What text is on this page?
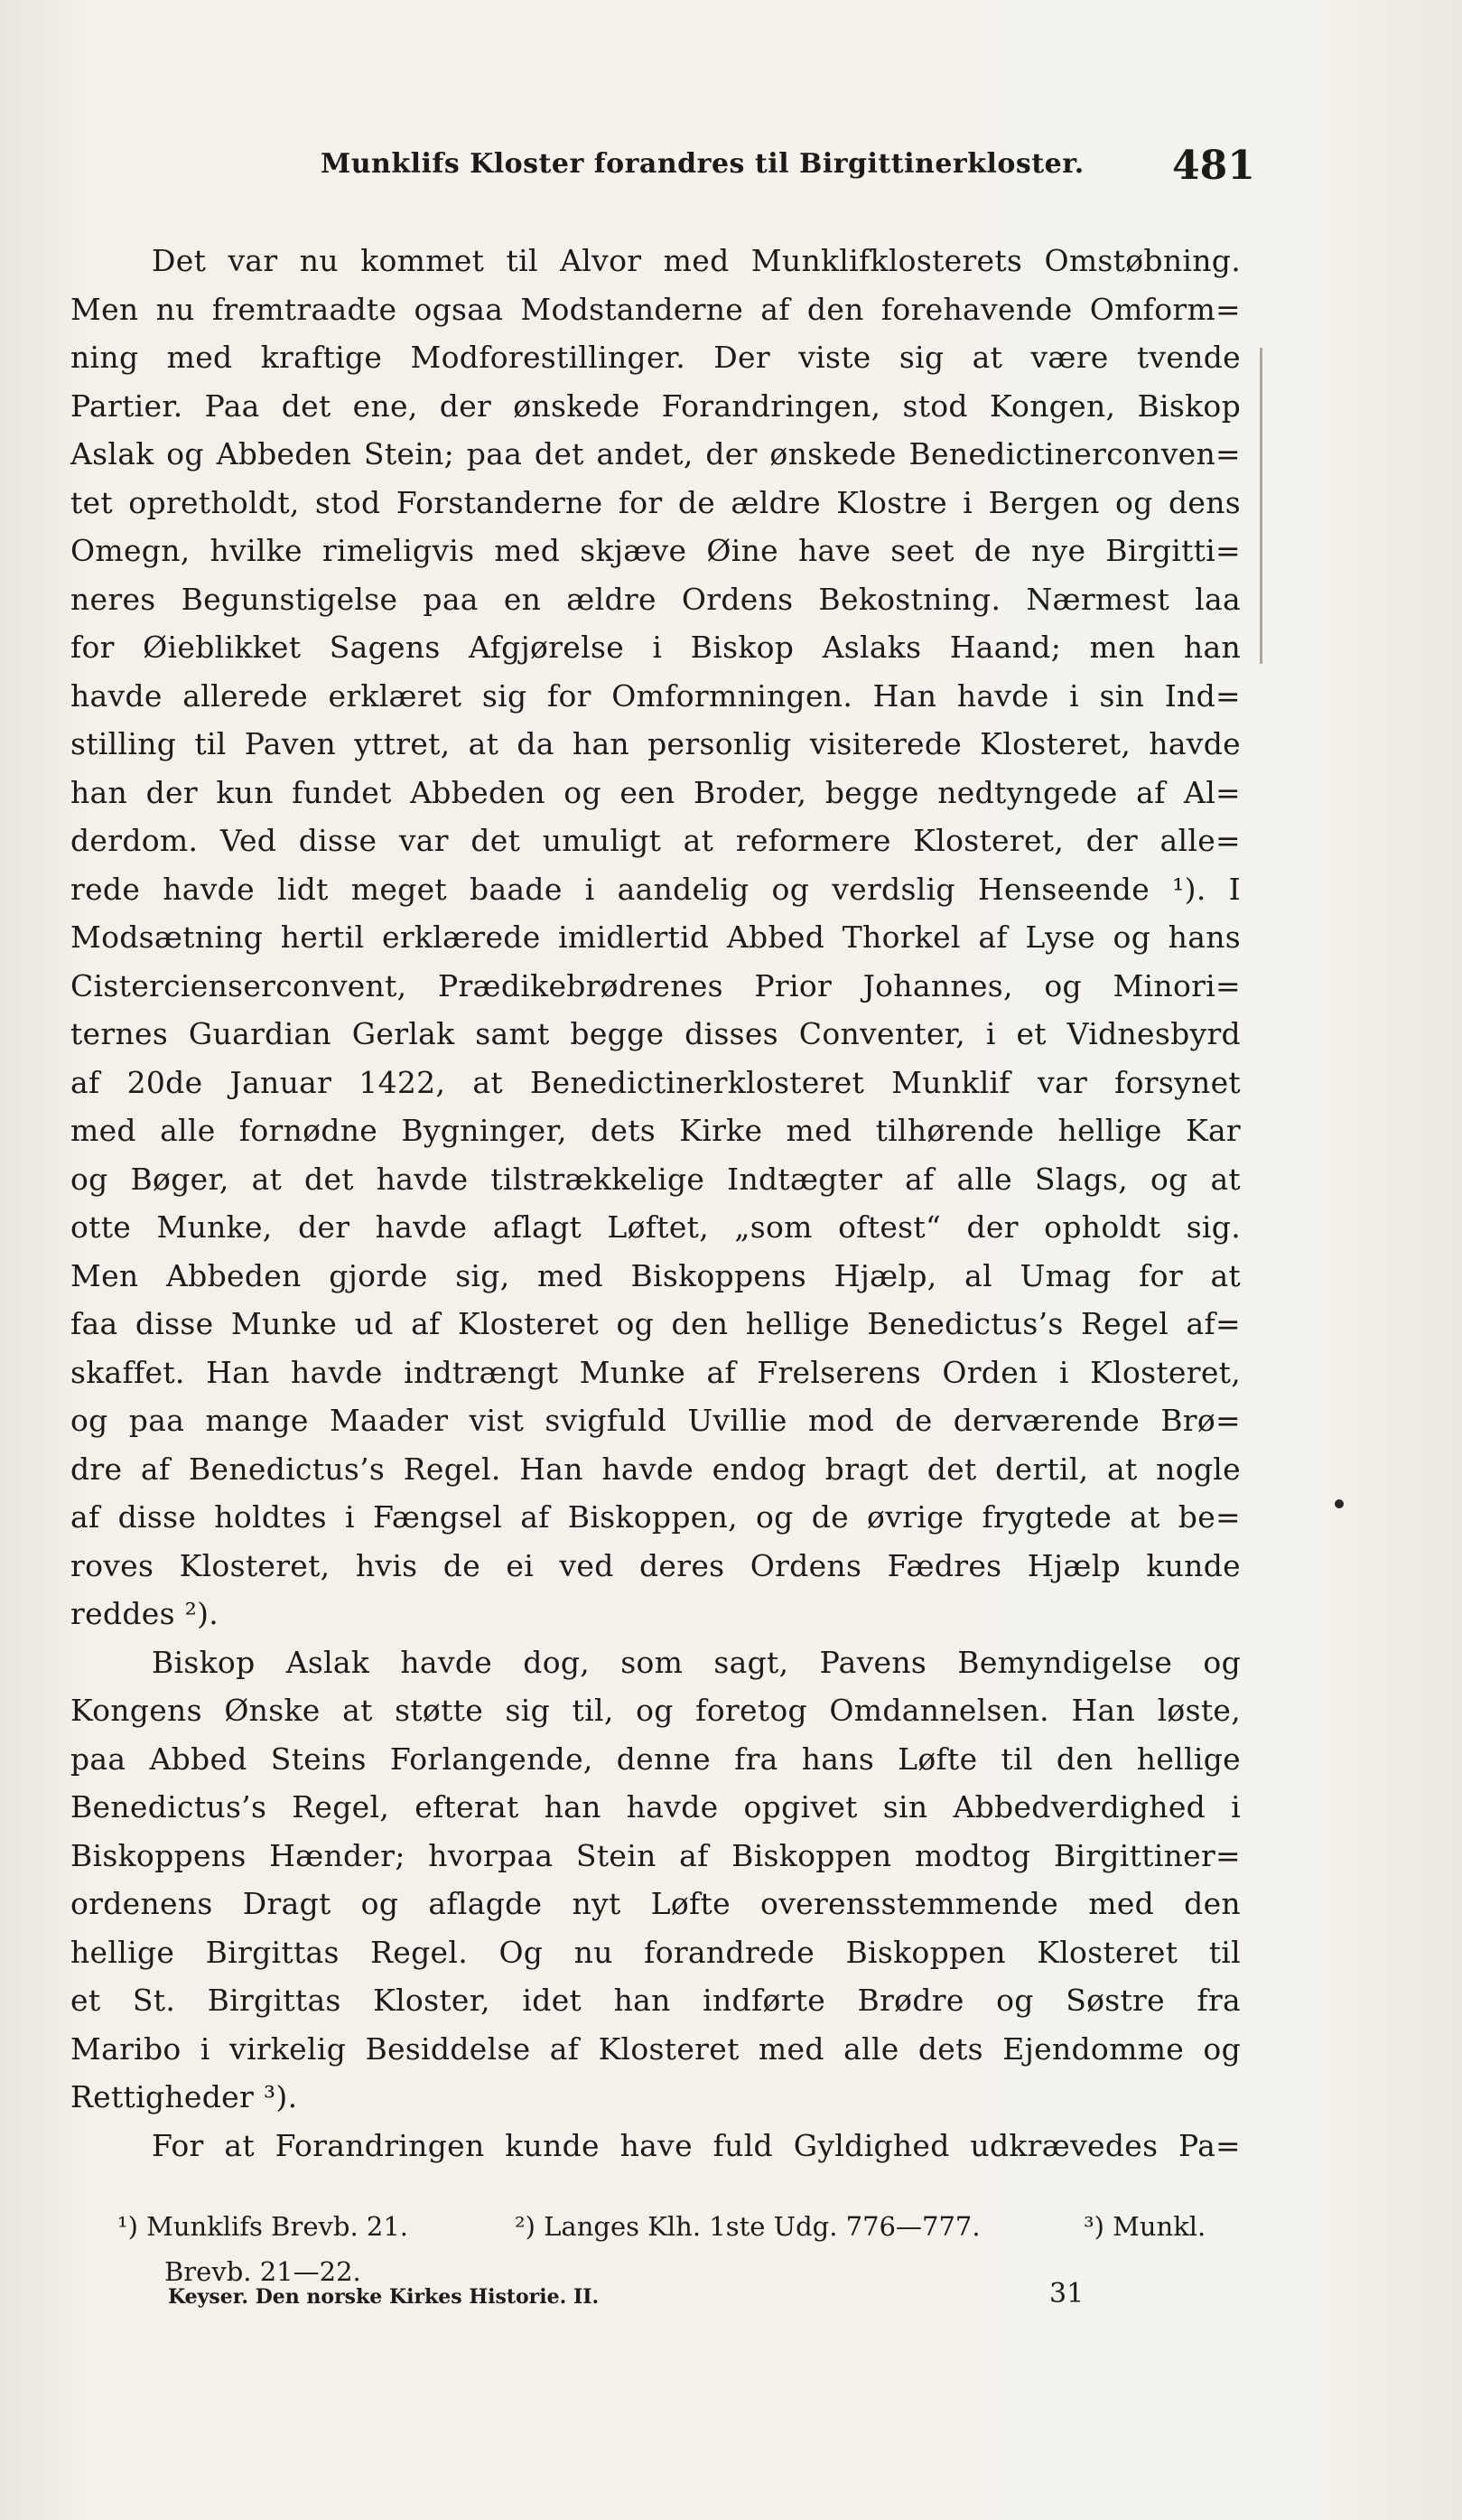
Munklifs Kloster forandres til Birgittinerkloster. 481
Det var nu kommet til Alvor med Munklifklosterets Omstøbning.
Men nu fremtraadte ogsaa Modstanderne af den forehavende Omform=
ning med kraftige Modforestillinger. Der viste sig at være tvende
Partier. Paa det ene, der ønskede Forandringen, stod Kongen, Biskop
Aslak og Abbeden Stein; paa det andet, der ønskede Benedictinerconven=
tet opretholdt, stod Forstanderne for de ældre Klostre i Bergen og dens
Omegn, hvilke rimeligvis med skjæve Øine have seet de nye Birgitti=
neres Begunstigelse paa en ældre Ordens Bekostning. Nærmest laa
for Øieblikket Sagens Afgjørelse i Biskop Aslaks Haand; men han
havde allerede erklæret sig for Omformningen. Han havde i sin Ind=
stilling til Paven yttret, at da han personlig visiterede Klosteret, havde
han der kun fundet Abbeden og een Broder, begge nedtyngede af Al=
derdom. Ved disse var det umuligt at reformere Klosteret, der alle=
rede havde lidt meget baade i aandelig og verdslig Henseende ¹). I
Modsætning hertil erklærede imidlertid Abbed Thorkel af Lyse og hans
Cistercienserconvent, Prædikebrødrenes Prior Johannes, og Minori=
ternes Guardian Gerlak samt begge disses Conventer, i et Vidnesbyrd
af 20de Januar 1422, at Benedictinerklosteret Munklif var forsynet
med alle fornødne Bygninger, dets Kirke med tilhørende hellige Kar
og Bøger, at det havde tilstrækkelige Indtægter af alle Slags, og at
otte Munke, der havde aflagt Løftet, „som oftest“ der opholdt sig.
Men Abbeden gjorde sig, med Biskoppens Hjælp, al Umag for at
faa disse Munke ud af Klosteret og den hellige Benedictus’s Regel af=
skaffet. Han havde indtrængt Munke af Frelserens Orden i Klosteret,
og paa mange Maader vist svigfuld Uvillie mod de derværende Brø=
dre af Benedictus’s Regel. Han havde endog bragt det dertil, at nogle
af disse holdtes i Fængsel af Biskoppen, og de øvrige frygtede at be=
roves Klosteret, hvis de ei ved deres Ordens Fædres Hjælp kunde
reddes ²).
Biskop Aslak havde dog, som sagt, Pavens Bemyndigelse og
Kongens Ønske at støtte sig til, og foretog Omdannelsen. Han løste,
paa Abbed Steins Forlangende, denne fra hans Løfte til den hellige
Benedictus’s Regel, efterat han havde opgivet sin Abbedverdighed i
Biskoppens Hænder; hvorpaa Stein af Biskoppen modtog Birgittiner=
ordenens Dragt og aflagde nyt Løfte overensstemmende med den
hellige Birgittas Regel. Og nu forandrede Biskoppen Klosteret til
et St. Birgittas Kloster, idet han indførte Brødre og Søstre fra
Maribo i virkelig Besiddelse af Klosteret med alle dets Ejendomme og
Rettigheder ³).
For at Forandringen kunde have fuld Gyldighed udkrævedes Pa=
¹) Munklifs Brevb. 21.	²) Langes Klh. 1ste Udg. 776—777.	³) Munkl.
Brevb. 21—22.
Keyser. Den norske Kirkes Historie. II.	31
